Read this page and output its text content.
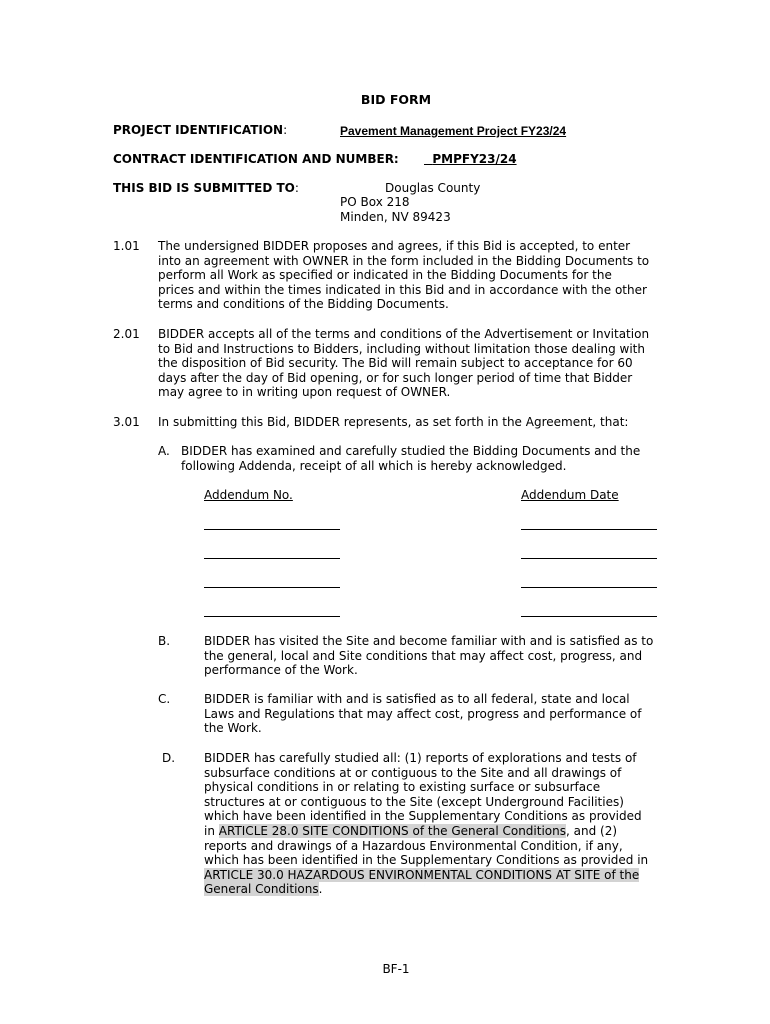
BID FORM
PROJECT IDENTIFICATION:	Pavement Management Project FY23/24
CONTRACT IDENTIFICATION AND NUMBER:	PMPFY23/24
THIS BID IS SUBMITTED TO:	Douglas County
PO Box 218
Minden, NV 89423
1.01 The undersigned BIDDER proposes and agrees, if this Bid is accepted, to enter
into an agreement with OWNER in the form included in the Bidding Documents to
perform all Work as specified or indicated in the Bidding Documents for the
prices and within the times indicated in this Bid and in accordance with the other
terms and conditions of the Bidding Documents.
2.01 BIDDER accepts all of the terms and conditions of the Advertisement or Invitation
to Bid and Instructions to Bidders, including without limitation those dealing with
the disposition of Bid security. The Bid will remain subject to acceptance for 60
days after the day of Bid opening, or for such longer period of time that Bidder
may agree to in writing upon request of OWNER.
3.01 In submitting this Bid, BIDDER represents, as set forth in the Agreement, that:
A. BIDDER has examined and carefully studied the Bidding Documents and the
following Addenda, receipt of all which is hereby acknowledged.
Addendum No.	Addendum Date
B.	BIDDER has visited the Site and become familiar with and is satisfied as to
the general, local and Site conditions that may affect cost, progress, and
performance of the Work.
C.	BIDDER is familiar with and is satisfied as to all federal, state and local
Laws and Regulations that may affect cost, progress and performance of
the Work.
D. BIDDER has carefully studied all: (1) reports of explorations and tests of
subsurface conditions at or contiguous to the Site and all drawings of
physical conditions in or relating to existing surface or subsurface
structures at or contiguous to the Site (except Underground Facilities)
which have been identified in the Supplementary Conditions as provided
in ARTICLE 28.0 SITE CONDITIONS of the General Conditions, and (2)
reports and drawings of a Hazardous Environmental Condition, if any,
which has been identified in the Supplementary Conditions as provided in
ARTICLE 30.0 HAZARDOUS ENVIRONMENTAL CONDITIONS AT SITE of the
General Conditions.
BF-1
